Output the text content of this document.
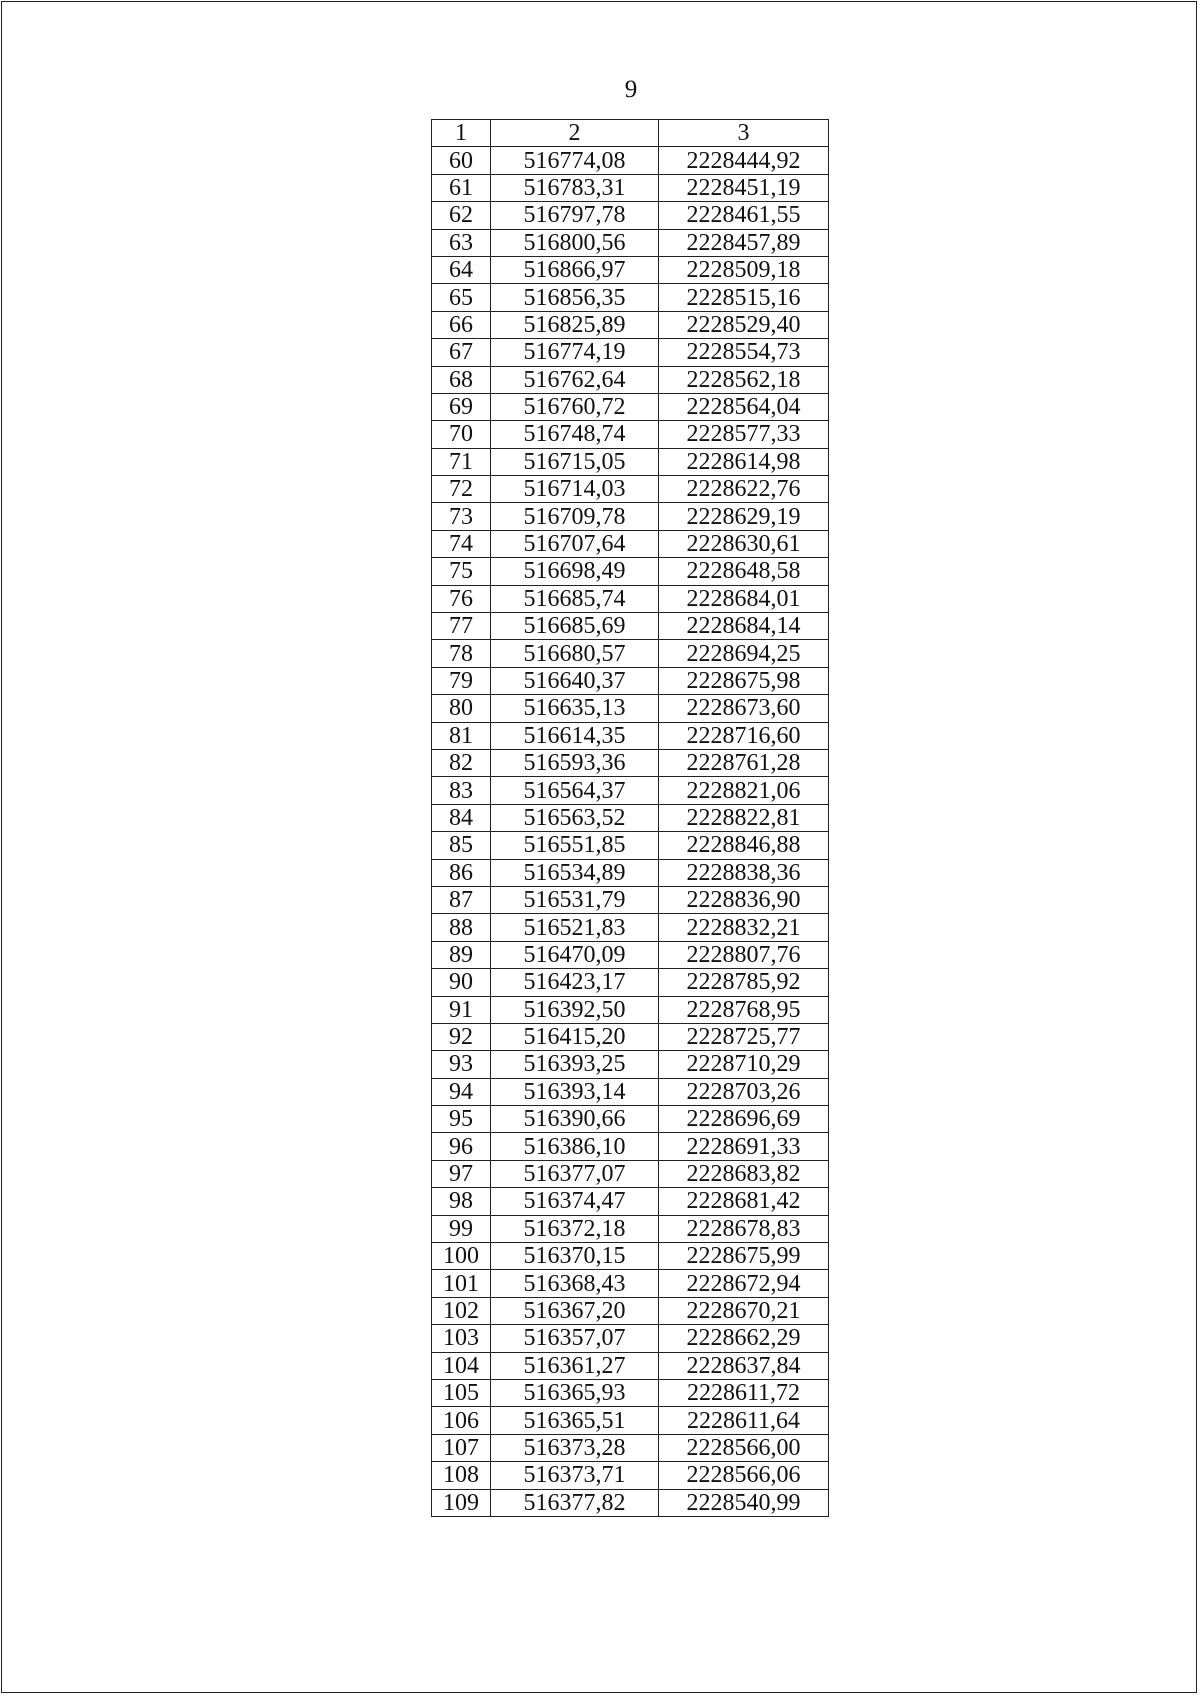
9
1	2	3
60	516774,08	2228444,92
61	516783,31	2228451,19
62	516797,78	2228461,55
63	516800,56	2228457,89
64	516866,97	2228509,18
65	516856,35	2228515,16
66	516825,89	2228529,40
67	516774,19	2228554,73
68	516762,64	2228562,18
69	516760,72	2228564,04
70	516748,74	2228577,33
71	516715,05	2228614,98
72	516714,03	2228622,76
73	516709,78	2228629,19
74	516707,64	2228630,61
75	516698,49	2228648,58
76	516685,74	2228684,01
77	516685,69	2228684,14
78	516680,57	2228694,25
79	516640,37	2228675,98
80	516635,13	2228673,60
81	516614,35	2228716,60
82	516593,36	2228761,28
83	516564,37	2228821,06
84	516563,52	2228822,81
85	516551,85	2228846,88
86	516534,89	2228838,36
87	516531,79	2228836,90
88	516521,83	2228832,21
89	516470,09	2228807,76
90	516423,17	2228785,92
91	516392,50	2228768,95
92	516415,20	2228725,77
93	516393,25	2228710,29
94	516393,14	2228703,26
95	516390,66	2228696,69
96	516386,10	2228691,33
97	516377,07	2228683,82
98	516374,47	2228681,42
99	516372,18	2228678,83
100	516370,15	2228675,99
101	516368,43	2228672,94
102	516367,20	2228670,21
103	516357,07	2228662,29
104	516361,27	2228637,84
105	516365,93	2228611,72
106	516365,51	2228611,64
107	516373,28	2228566,00
108	516373,71	2228566,06
109	516377,82	2228540,99
